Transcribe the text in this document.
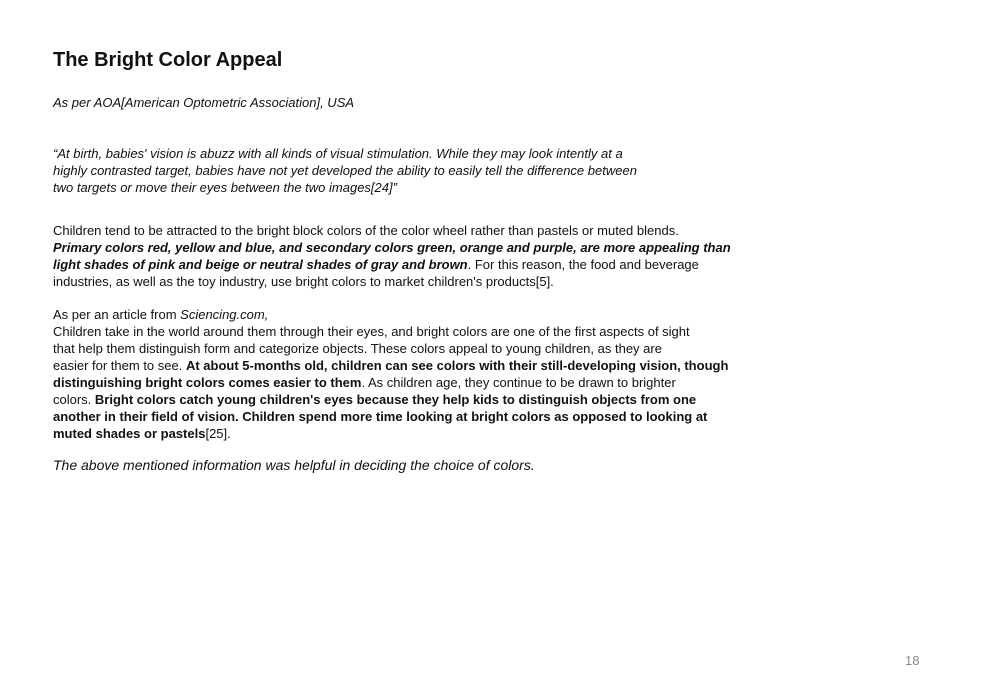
The Bright Color Appeal

As per AOA[American Optometric Association], USA

“At birth, babies' vision is abuzz with all kinds of visual stimulation. While they may look intently at a
highly contrasted target, babies have not yet developed the ability to easily tell the difference between
two targets or move their eyes between the two images[24]”

Children tend to be attracted to the bright block colors of the color wheel rather than pastels or muted blends.
Primary colors red, yellow and blue, and secondary colors green, orange and purple, are more appealing than
light shades of pink and beige or neutral shades of gray and brown. For this reason, the food and beverage
industries, as well as the toy industry, use bright colors to market children's products[5].

As per an article from Sciencing.com,
Children take in the world around them through their eyes, and bright colors are one of the first aspects of sight
that help them distinguish form and categorize objects. These colors appeal to young children, as they are
easier for them to see. At about 5-months old, children can see colors with their still-developing vision, though
distinguishing bright colors comes easier to them. As children age, they continue to be drawn to brighter
colors. Bright colors catch young children's eyes because they help kids to distinguish objects from one
another in their field of vision. Children spend more time looking at bright colors as opposed to looking at
muted shades or pastels[25].

The above mentioned information was helpful in deciding the choice of colors.

18
